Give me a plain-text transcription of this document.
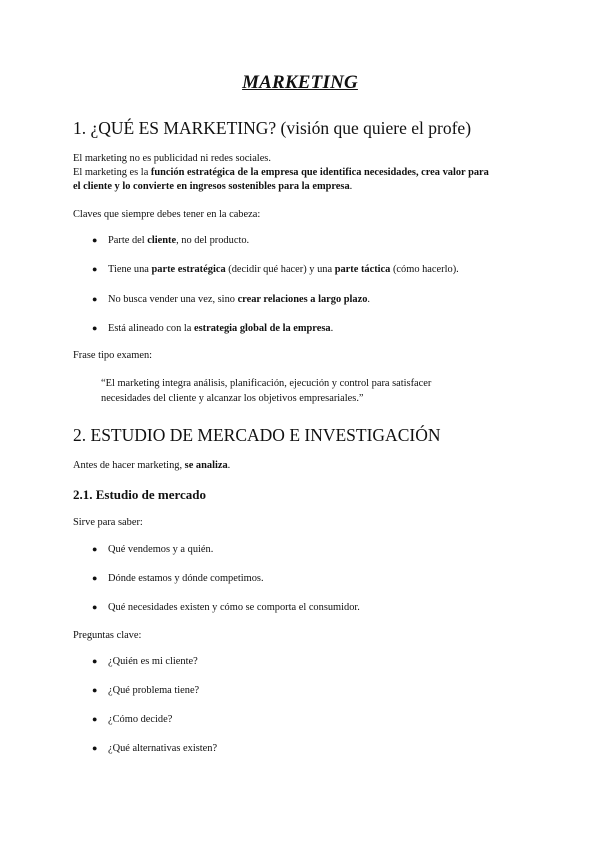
MARKETING
1. ¿QUÉ ES MARKETING? (visión que quiere el profe)
El marketing no es publicidad ni redes sociales.
El marketing es la función estratégica de la empresa que identifica necesidades, crea valor para
el cliente y lo convierte en ingresos sostenibles para la empresa.
Claves que siempre debes tener en la cabeza:
● Parte del cliente, no del producto.
● Tiene una parte estratégica (decidir qué hacer) y una parte táctica (cómo hacerlo).
● No busca vender una vez, sino crear relaciones a largo plazo.
● Está alineado con la estrategia global de la empresa.
Frase tipo examen:
“El marketing integra análisis, planificación, ejecución y control para satisfacer
necesidades del cliente y alcanzar los objetivos empresariales.”
2. ESTUDIO DE MERCADO E INVESTIGACIÓN
Antes de hacer marketing, se analiza.
2.1. Estudio de mercado
Sirve para saber:
● Qué vendemos y a quién.
● Dónde estamos y dónde competimos.
● Qué necesidades existen y cómo se comporta el consumidor.
Preguntas clave:
● ¿Quién es mi cliente?
● ¿Qué problema tiene?
● ¿Cómo decide?
● ¿Qué alternativas existen?
